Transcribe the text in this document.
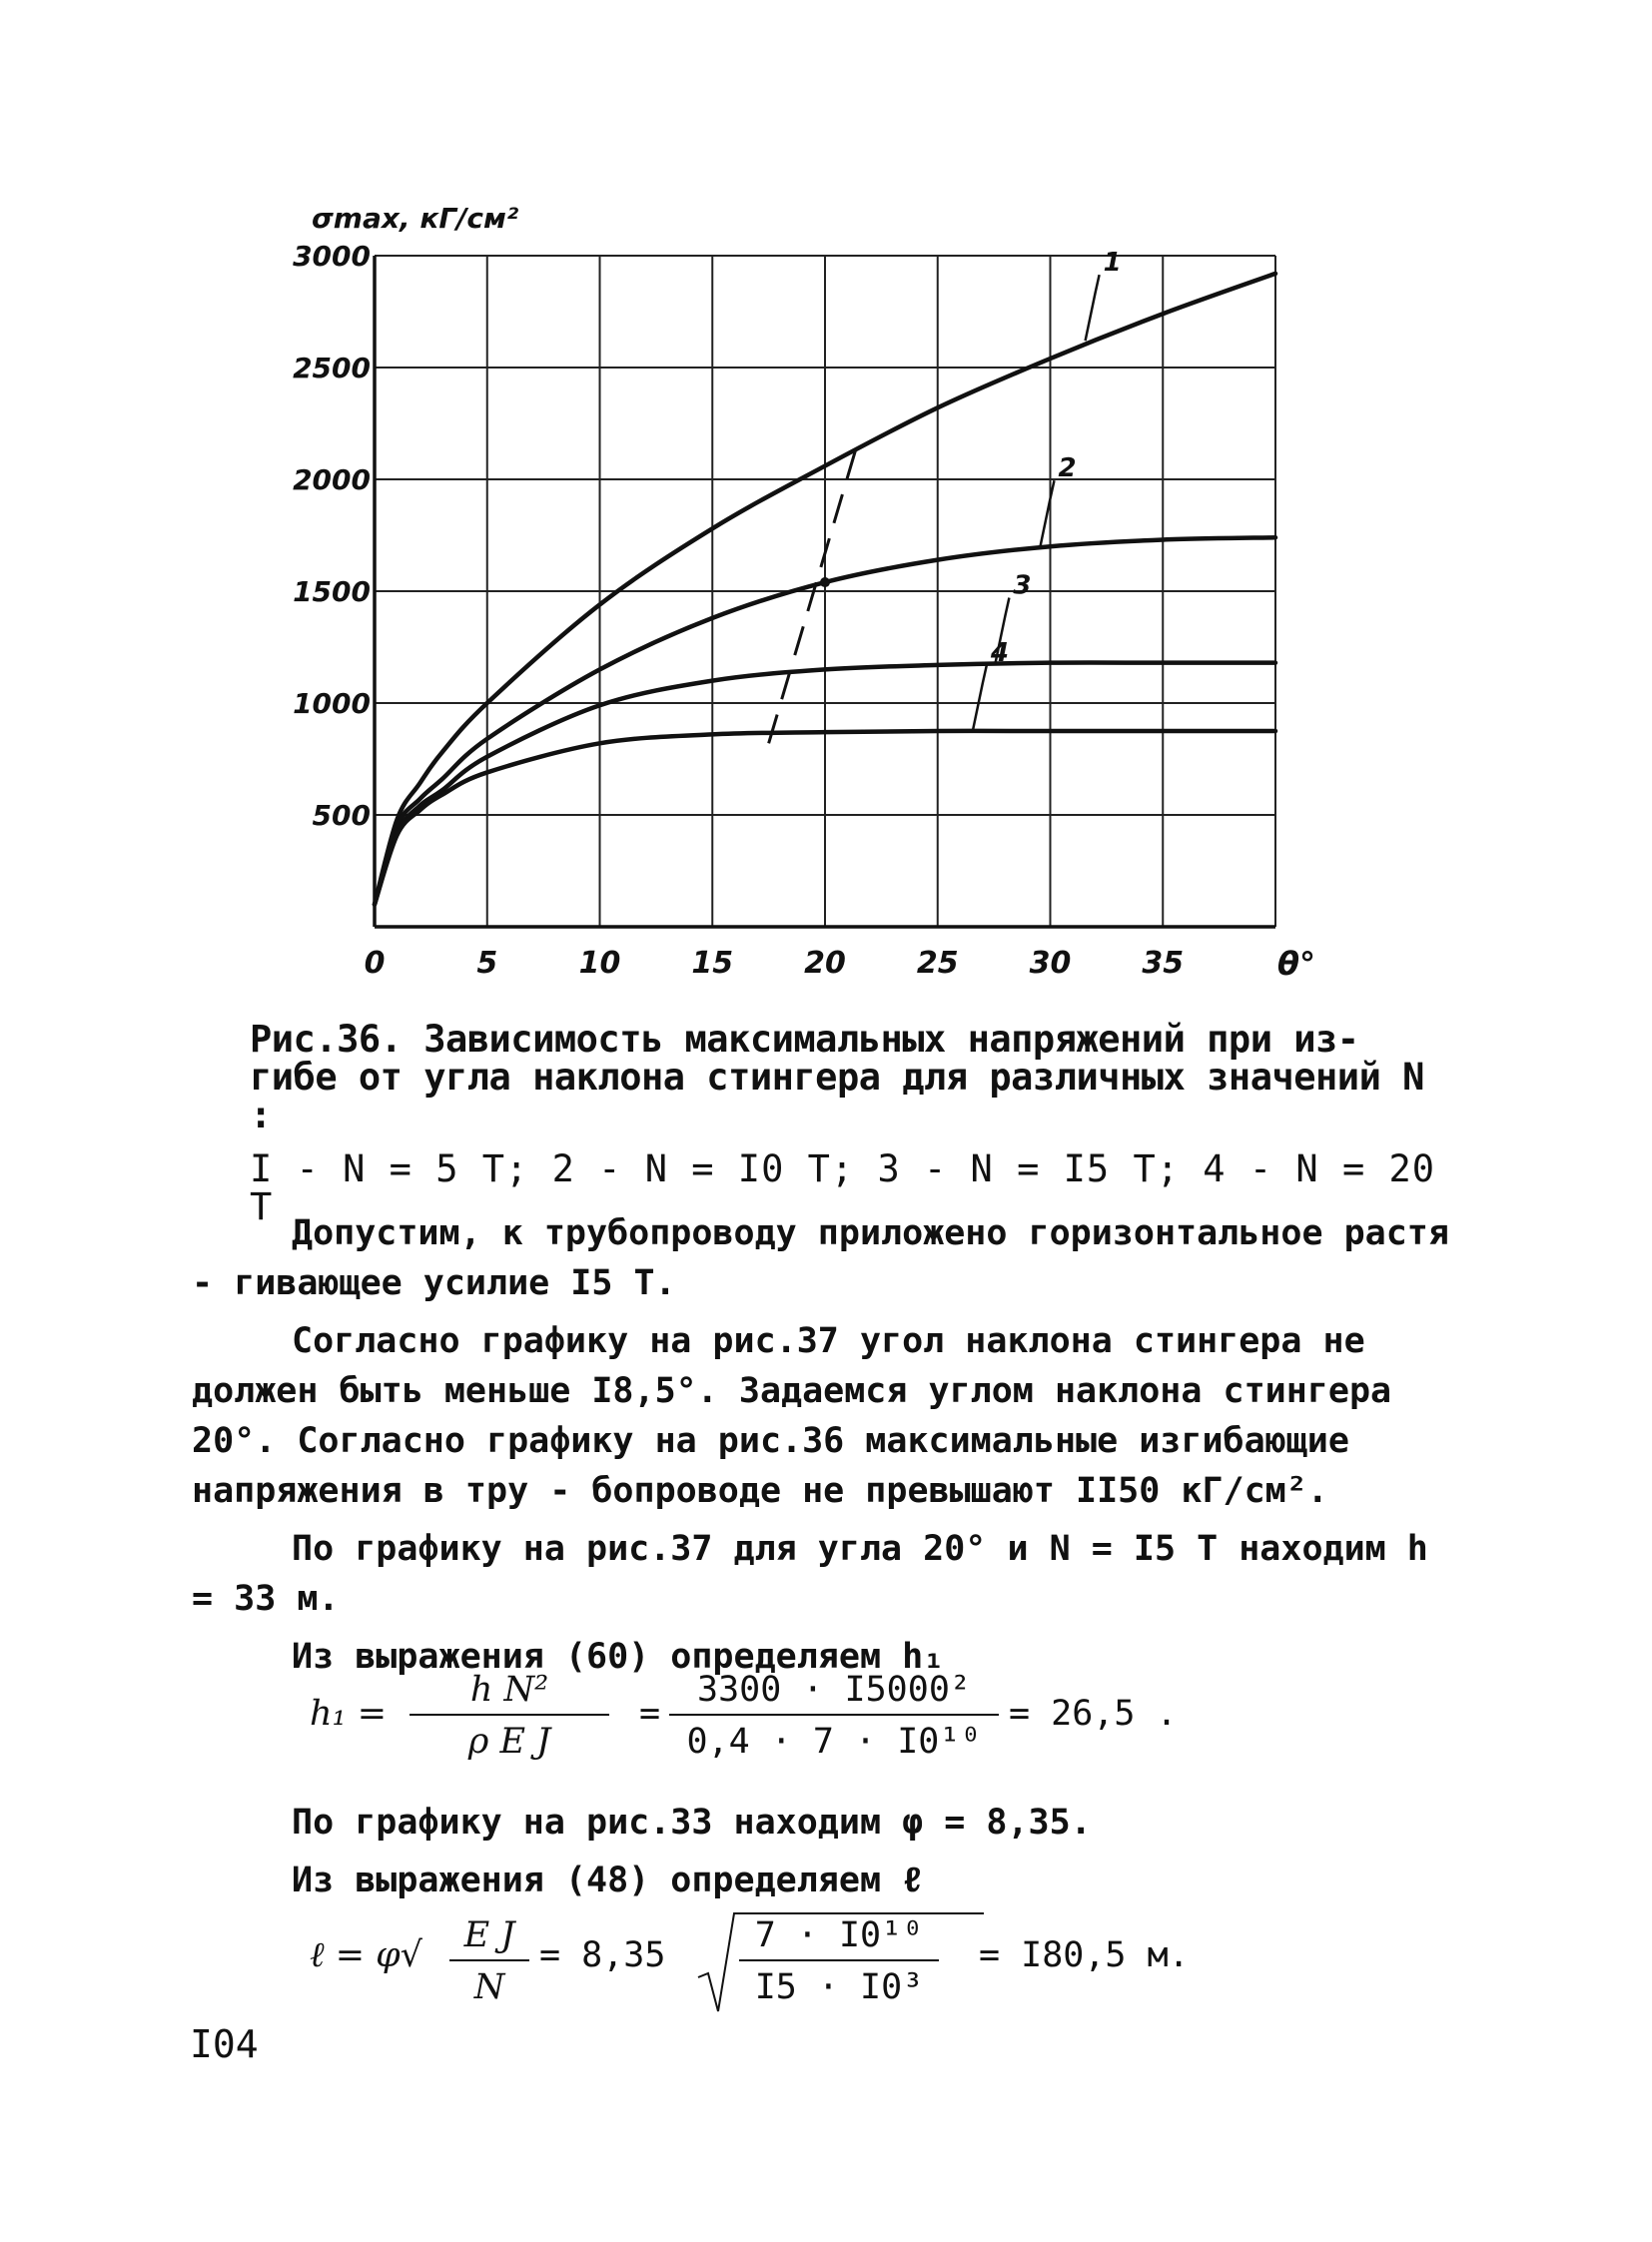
0	5	10 15 20 25 30 35
500
1000
1500
2000
2500
3000
σmax, кГ/см²
θ°
1
2
3
4
Рис.36. Зависимость максимальных напряжений при из-
гибе от угла наклона стингера для различных значений N :
I - N = 5 Т; 2 - N = I0 Т; 3 - N = I5 Т; 4 - N = 20 Т

Допустим, к трубопроводу приложено горизонтальное растя - гивающее усилие I5 Т.

Согласно графику на рис.37 угол наклона стингера не должен быть меньше I8,5°. Задаемся углом наклона стингера 20°. Согласно графику на рис.36 максимальные изгибающие напряжения в тру - бопроводе не превышают II50 кГ/см².

По графику на рис.37 для угла 20° и N = I5 Т находим h = 33 м.

Из выражения (60) определяем h₁

$h_1 = \frac{\text{h N²}}{\text{ρ E J}} = \frac{\text{3300 · I5000²}}{\text{0,4 · 7 · I0¹⁰}} = 26,5$ .

По графику на рис.33 находим φ = 8,35.

Из выражения (48) определяем ℓ

ℓ = $\varphi√ \frac{\text{E J}}{N} = 8,35 \frac{\text{7 · I0¹⁰}}{\text{I5 · I0³}} = I80,5$ м.
I04
